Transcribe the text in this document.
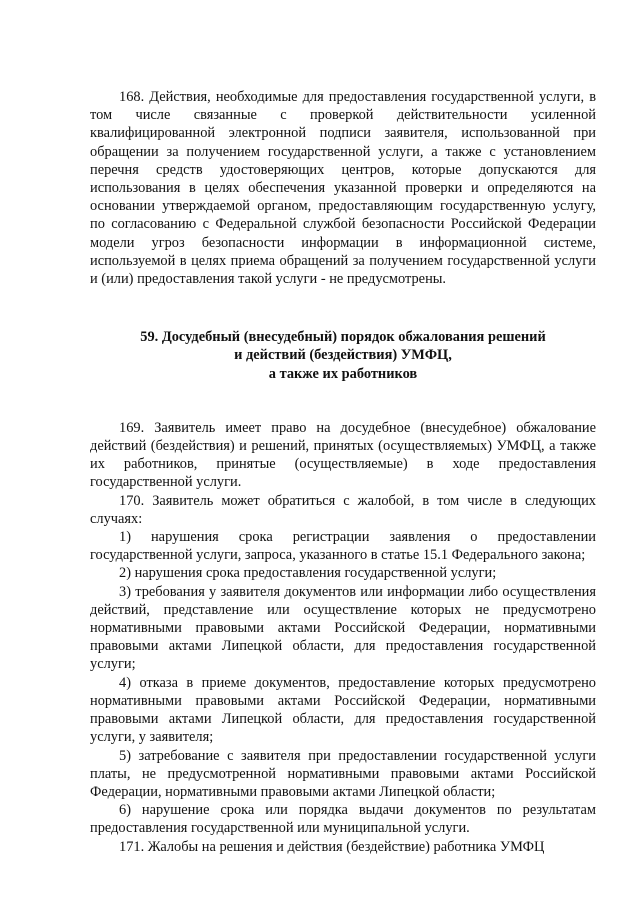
168. Действия, необходимые для предоставления государственной услуги, в том числе связанные с проверкой действительности усиленной квалифицированной электронной подписи заявителя, использованной при обращении за получением государственной услуги, а также с установлением перечня средств удостоверяющих центров, которые допускаются для использования в целях обеспечения указанной проверки и определяются на основании утверждаемой органом, предоставляющим государственную услугу, по согласованию с Федеральной службой безопасности Российской Федерации модели угроз безопасности информации в информационной системе, используемой в целях приема обращений за получением государственной услуги и (или) предоставления такой услуги - не предусмотрены.

59. Досудебный (внесудебный) порядок обжалования решений
и действий (бездействия) УМФЦ,
а также их работников

169. Заявитель имеет право на досудебное (внесудебное) обжалование действий (бездействия) и решений, принятых (осуществляемых) УМФЦ, а также их работников, принятые (осуществляемые) в ходе предоставления государственной услуги.

170. Заявитель может обратиться с жалобой, в том числе в следующих случаях:

1) нарушения срока регистрации заявления о предоставлении государственной услуги, запроса, указанного в статье 15.1 Федерального закона;

2) нарушения срока предоставления государственной услуги;

3) требования у заявителя документов или информации либо осуществления действий, представление или осуществление которых не предусмотрено нормативными правовыми актами Российской Федерации, нормативными правовыми актами Липецкой области, для предоставления государственной услуги;

4) отказа в приеме документов, предоставление которых предусмотрено нормативными правовыми актами Российской Федерации, нормативными правовыми актами Липецкой области, для предоставления государственной услуги, у заявителя;

5) затребование с заявителя при предоставлении государственной услуги платы, не предусмотренной нормативными правовыми актами Российской Федерации, нормативными правовыми актами Липецкой области;

6) нарушение срока или порядка выдачи документов по результатам предоставления государственной или муниципальной услуги.

171. Жалобы на решения и действия (бездействие) работника УМФЦ
